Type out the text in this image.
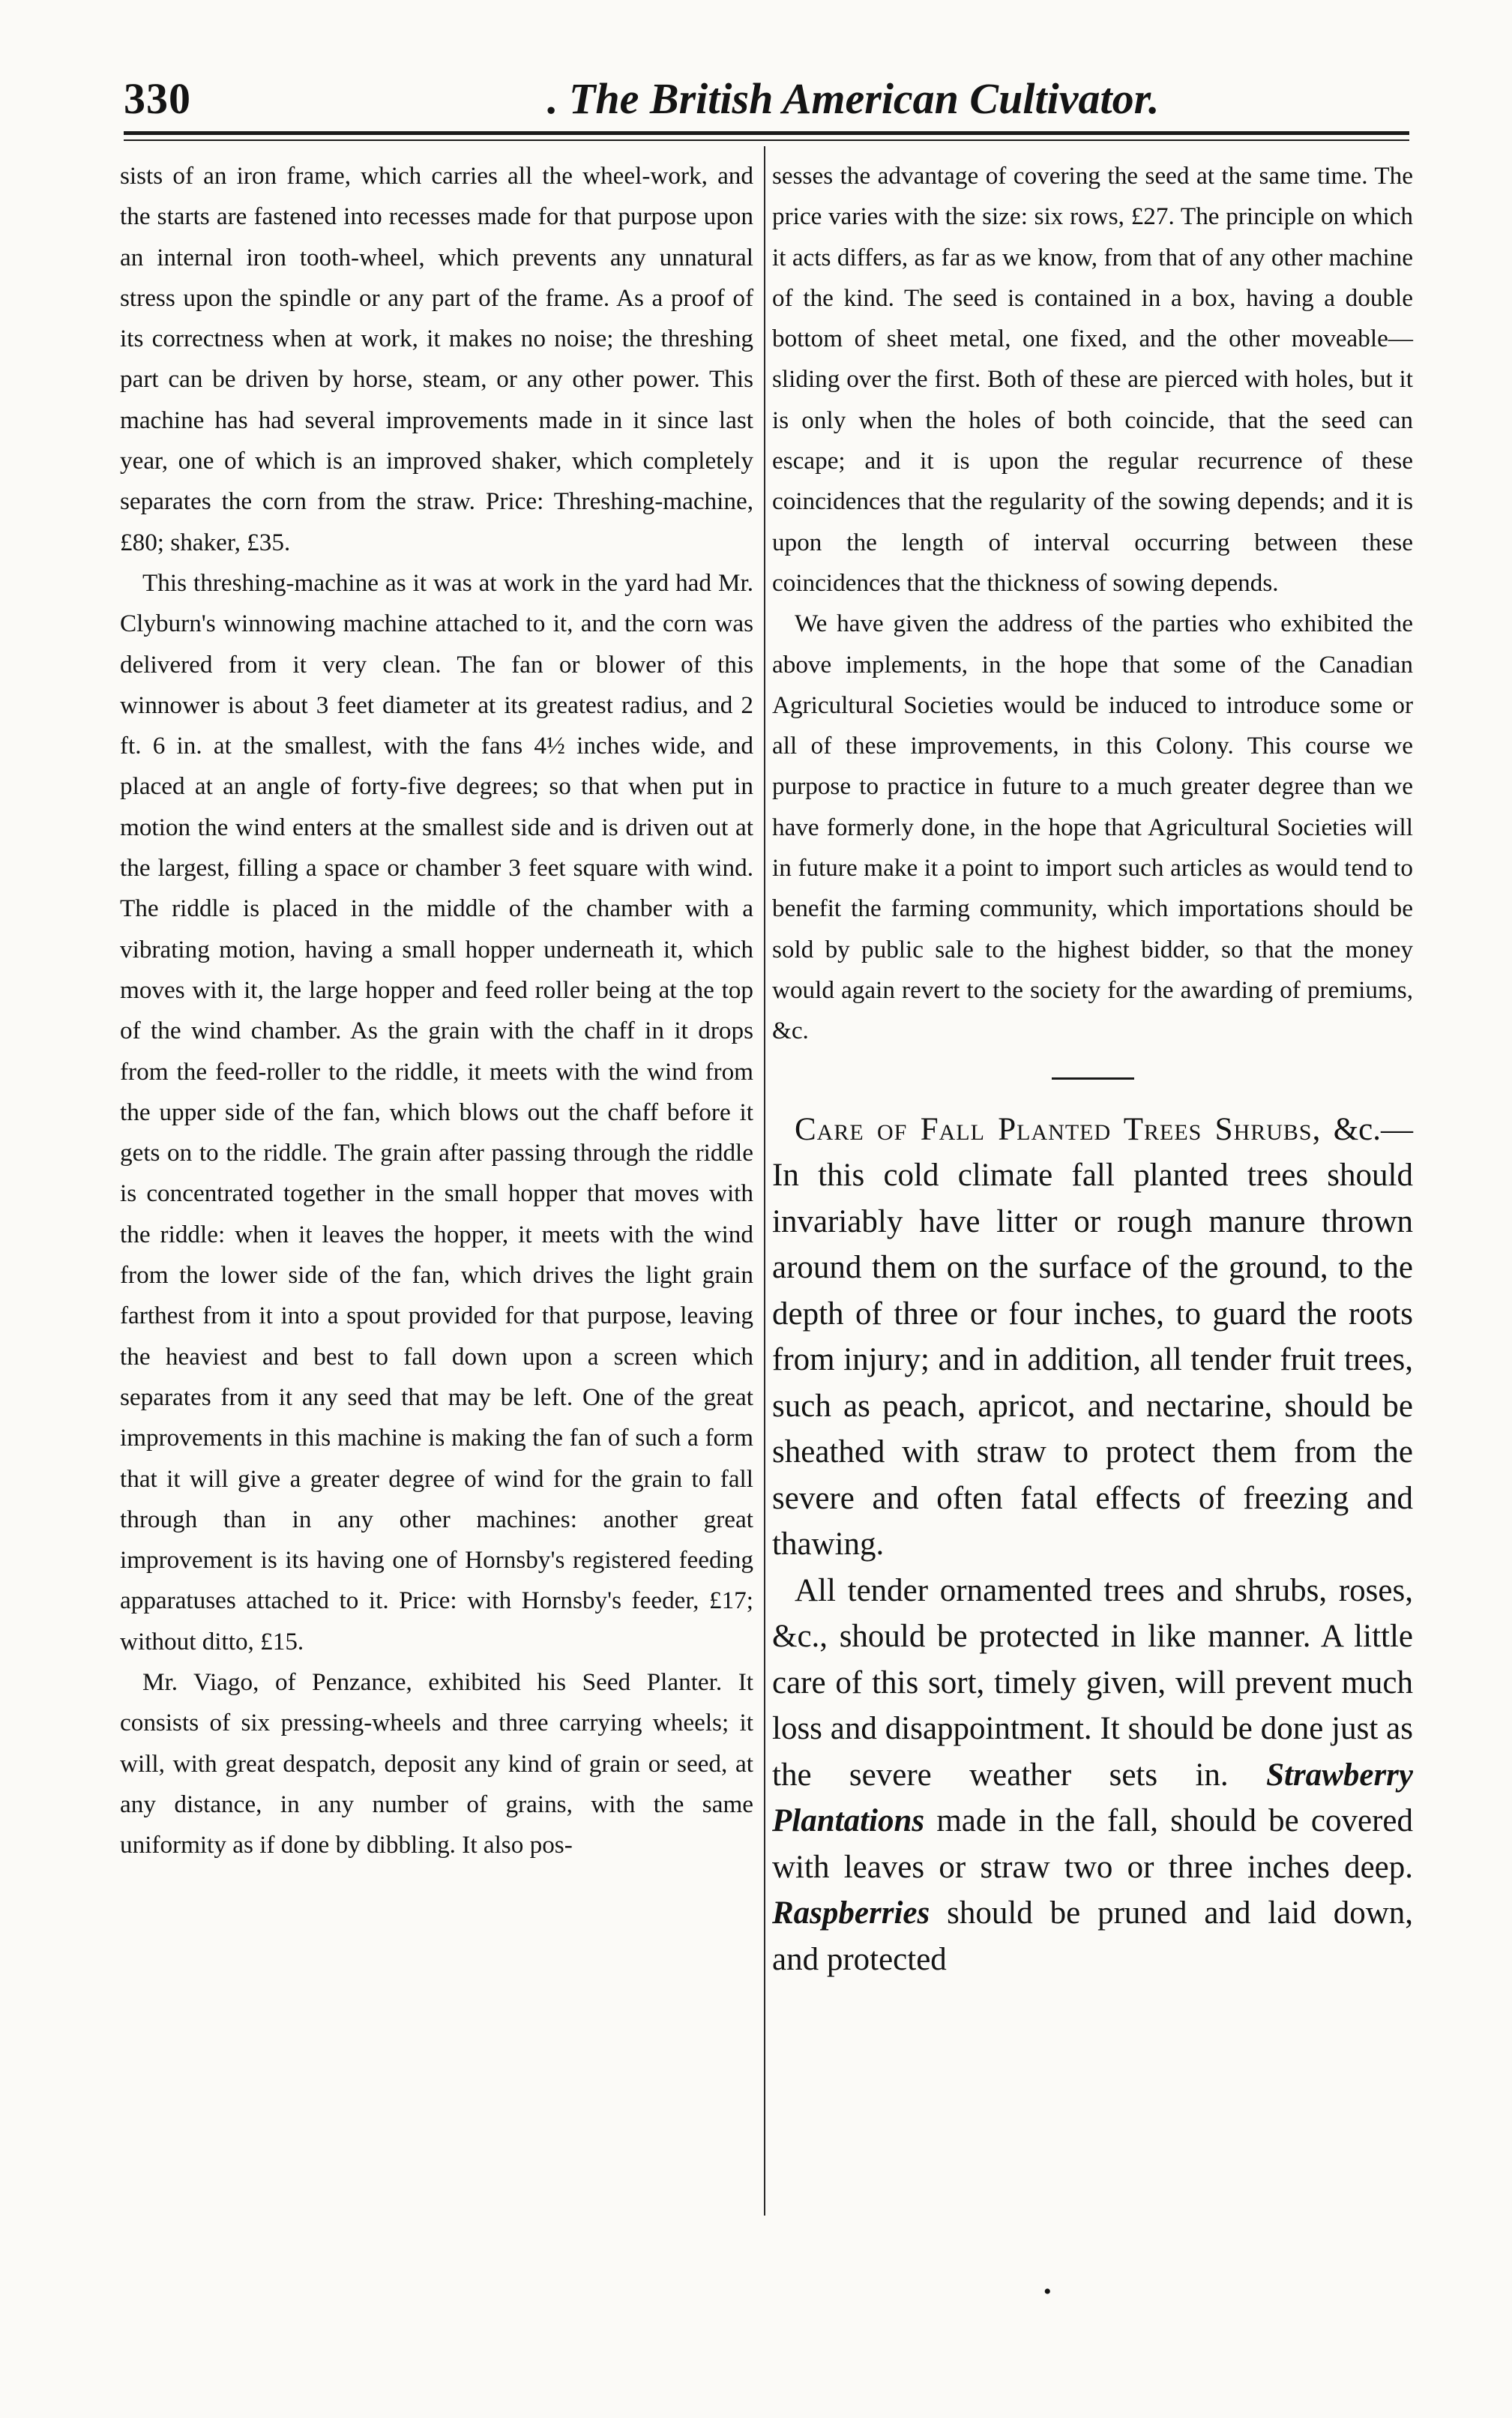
330	. The British American Cultivator.

sists of an iron frame, which carries all the wheel-work, and the starts are fastened into recesses made for that purpose upon an internal iron tooth-wheel, which prevents any unnatural stress upon the spindle or any part of the frame. As a proof of its correctness when at work, it makes no noise; the threshing part can be driven by horse, steam, or any other power. This machine has had several improvements made in it since last year, one of which is an improved shaker, which completely separates the corn from the straw. Price: Threshing-machine, £80; shaker, £35.

This threshing-machine as it was at work in the yard had Mr. Clyburn's winnowing machine attached to it, and the corn was delivered from it very clean. The fan or blower of this winnower is about 3 feet diameter at its greatest radius, and 2 ft. 6 in. at the smallest, with the fans 4½ inches wide, and placed at an angle of forty-five degrees; so that when put in motion the wind enters at the smallest side and is driven out at the largest, filling a space or chamber 3 feet square with wind. The riddle is placed in the middle of the chamber with a vibrating motion, having a small hopper underneath it, which moves with it, the large hopper and feed roller being at the top of the wind chamber. As the grain with the chaff in it drops from the feed-roller to the riddle, it meets with the wind from the upper side of the fan, which blows out the chaff before it gets on to the riddle. The grain after passing through the riddle is concentrated together in the small hopper that moves with the riddle: when it leaves the hopper, it meets with the wind from the lower side of the fan, which drives the light grain farthest from it into a spout provided for that purpose, leaving the heaviest and best to fall down upon a screen which separates from it any seed that may be left. One of the great improvements in this machine is making the fan of such a form that it will give a greater degree of wind for the grain to fall through than in any other machines: another great improvement is its having one of Hornsby's registered feeding apparatuses attached to it. Price: with Hornsby's feeder, £17; without ditto, £15.

Mr. Viago, of Penzance, exhibited his Seed Planter. It consists of six pressing-wheels and three carrying wheels; it will, with great despatch, deposit any kind of grain or seed, at any distance, in any number of grains, with the same uniformity as if done by dibbling. It also pos-

sesses the advantage of covering the seed at the same time. The price varies with the size: six rows, £27. The principle on which it acts differs, as far as we know, from that of any other machine of the kind. The seed is contained in a box, having a double bottom of sheet metal, one fixed, and the other moveable—sliding over the first. Both of these are pierced with holes, but it is only when the holes of both coincide, that the seed can escape; and it is upon the regular recurrence of these coincidences that the regularity of the sowing depends; and it is upon the length of interval occurring between these coincidences that the thickness of sowing depends.

We have given the address of the parties who exhibited the above implements, in the hope that some of the Canadian Agricultural Societies would be induced to introduce some or all of these improvements, in this Colony. This course we purpose to practice in future to a much greater degree than we have formerly done, in the hope that Agricultural Societies will in future make it a point to import such articles as would tend to benefit the farming community, which importations should be sold by public sale to the highest bidder, so that the money would again revert to the society for the awarding of premiums, &c.

Care of Fall Planted Trees Shrubs, &c.—In this cold climate fall planted trees should invariably have litter or rough manure thrown around them on the surface of the ground, to the depth of three or four inches, to guard the roots from injury; and in addition, all tender fruit trees, such as peach, apricot, and nectarine, should be sheathed with straw to protect them from the severe and often fatal effects of freezing and thawing.

All tender ornamented trees and shrubs, roses, &c., should be protected in like manner. A little care of this sort, timely given, will prevent much loss and disappointment. It should be done just as the severe weather sets in. Strawberry Plantations made in the fall, should be covered with leaves or straw two or three inches deep. Raspberries should be pruned and laid down, and protected

•
